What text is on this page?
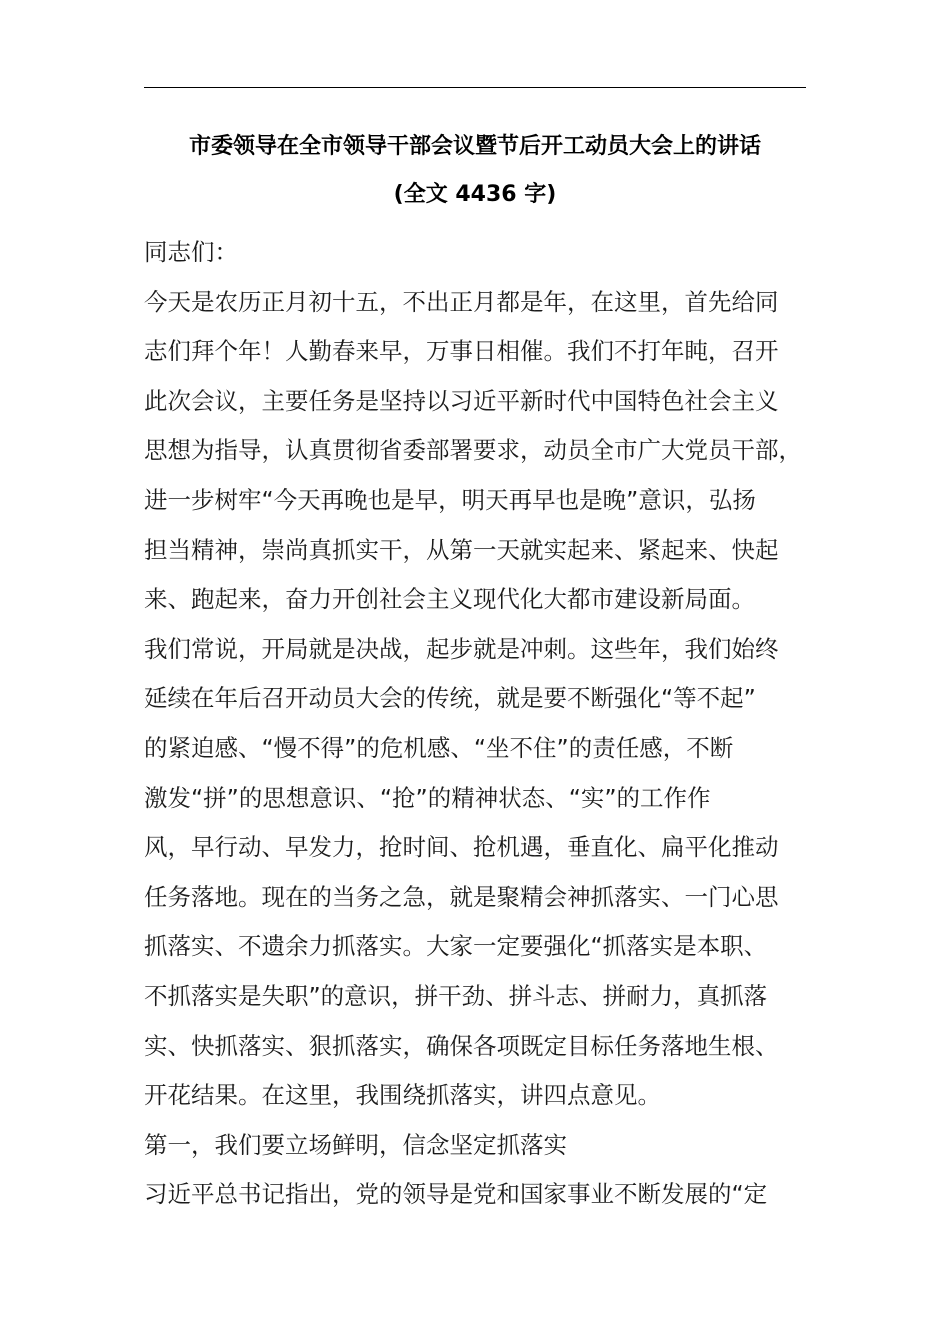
市委领导在全市领导干部会议暨节后开工动员大会上的讲话
(全文 4436 字)
同志们：
今天是农历正月初十五，不出正月都是年，在这里，首先给同
志们拜个年！人勤春来早，万事日相催。我们不打年盹，召开
此次会议，主要任务是坚持以习近平新时代中国特色社会主义
思想为指导，认真贯彻省委部署要求，动员全市广大党员干部，
进一步树牢“今天再晚也是早，明天再早也是晚”意识，弘扬
担当精神，崇尚真抓实干，从第一天就实起来、紧起来、快起
来、跑起来，奋力开创社会主义现代化大都市建设新局面。
我们常说，开局就是决战，起步就是冲刺。这些年，我们始终
延续在年后召开动员大会的传统，就是要不断强化“等不起”
的紧迫感、“慢不得”的危机感、“坐不住”的责任感，不断
激发“拼”的思想意识、“抢”的精神状态、“实”的工作作
风，早行动、早发力，抢时间、抢机遇，垂直化、扁平化推动
任务落地。现在的当务之急，就是聚精会神抓落实、一门心思
抓落实、不遗余力抓落实。大家一定要强化“抓落实是本职、
不抓落实是失职”的意识，拼干劲、拼斗志、拼耐力，真抓落
实、快抓落实、狠抓落实，确保各项既定目标任务落地生根、
开花结果。在这里，我围绕抓落实，讲四点意见。
第一，我们要立场鲜明，信念坚定抓落实
习近平总书记指出，党的领导是党和国家事业不断发展的“定
